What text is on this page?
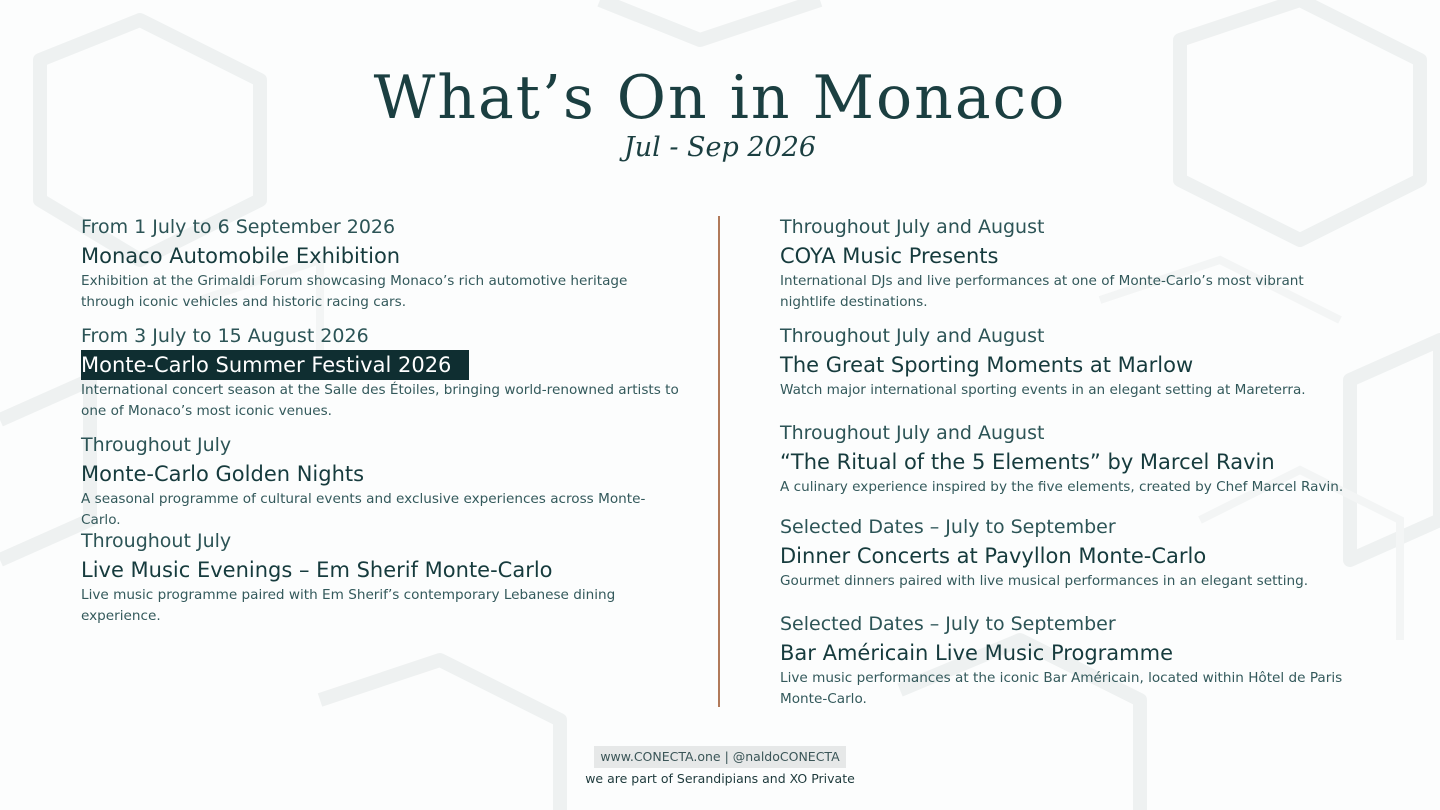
What’s On in Monaco
Jul - Sep 2026
From 1 July to 6 September 2026
Monaco Automobile Exhibition
Exhibition at the Grimaldi Forum showcasing Monaco’s rich automotive heritage through iconic vehicles and historic racing cars.
From 3 July to 15 August 2026
Monte-Carlo Summer Festival 2026
International concert season at the Salle des Étoiles, bringing world-renowned artists to one of Monaco’s most iconic venues.
Throughout July
Monte-Carlo Golden Nights
A seasonal programme of cultural events and exclusive experiences across Monte-Carlo.
Throughout July
Live Music Evenings – Em Sherif Monte-Carlo
Live music programme paired with Em Sherif’s contemporary Lebanese dining experience.
Throughout July and August
COYA Music Presents
International DJs and live performances at one of Monte-Carlo’s most vibrant nightlife destinations.
Throughout July and August
The Great Sporting Moments at Marlow
Watch major international sporting events in an elegant setting at Mareterra.
Throughout July and August
“The Ritual of the 5 Elements” by Marcel Ravin
A culinary experience inspired by the five elements, created by Chef Marcel Ravin.
Selected Dates – July to September
Dinner Concerts at Pavyllon Monte-Carlo
Gourmet dinners paired with live musical performances in an elegant setting.
Selected Dates – July to September
Bar Américain Live Music Programme
Live music performances at the iconic Bar Américain, located within Hôtel de Paris Monte-Carlo.
www.CONECTA.one | @naldoCONECTA
we are part of Serandipians and XO Private
